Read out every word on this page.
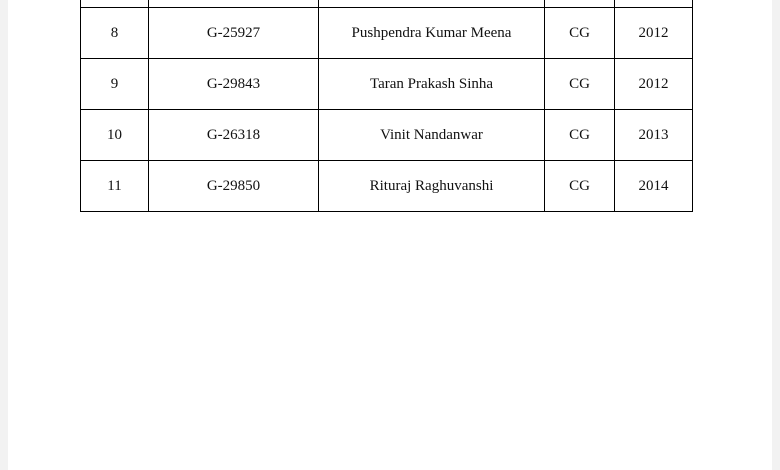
8	G-25927	Pushpendra Kumar Meena	CG	2012
9	G-29843	Taran Prakash Sinha	CG	2012
10	G-26318	Vinit Nandanwar	CG	2013
11	G-29850	Rituraj Raghuvanshi	CG	2014
